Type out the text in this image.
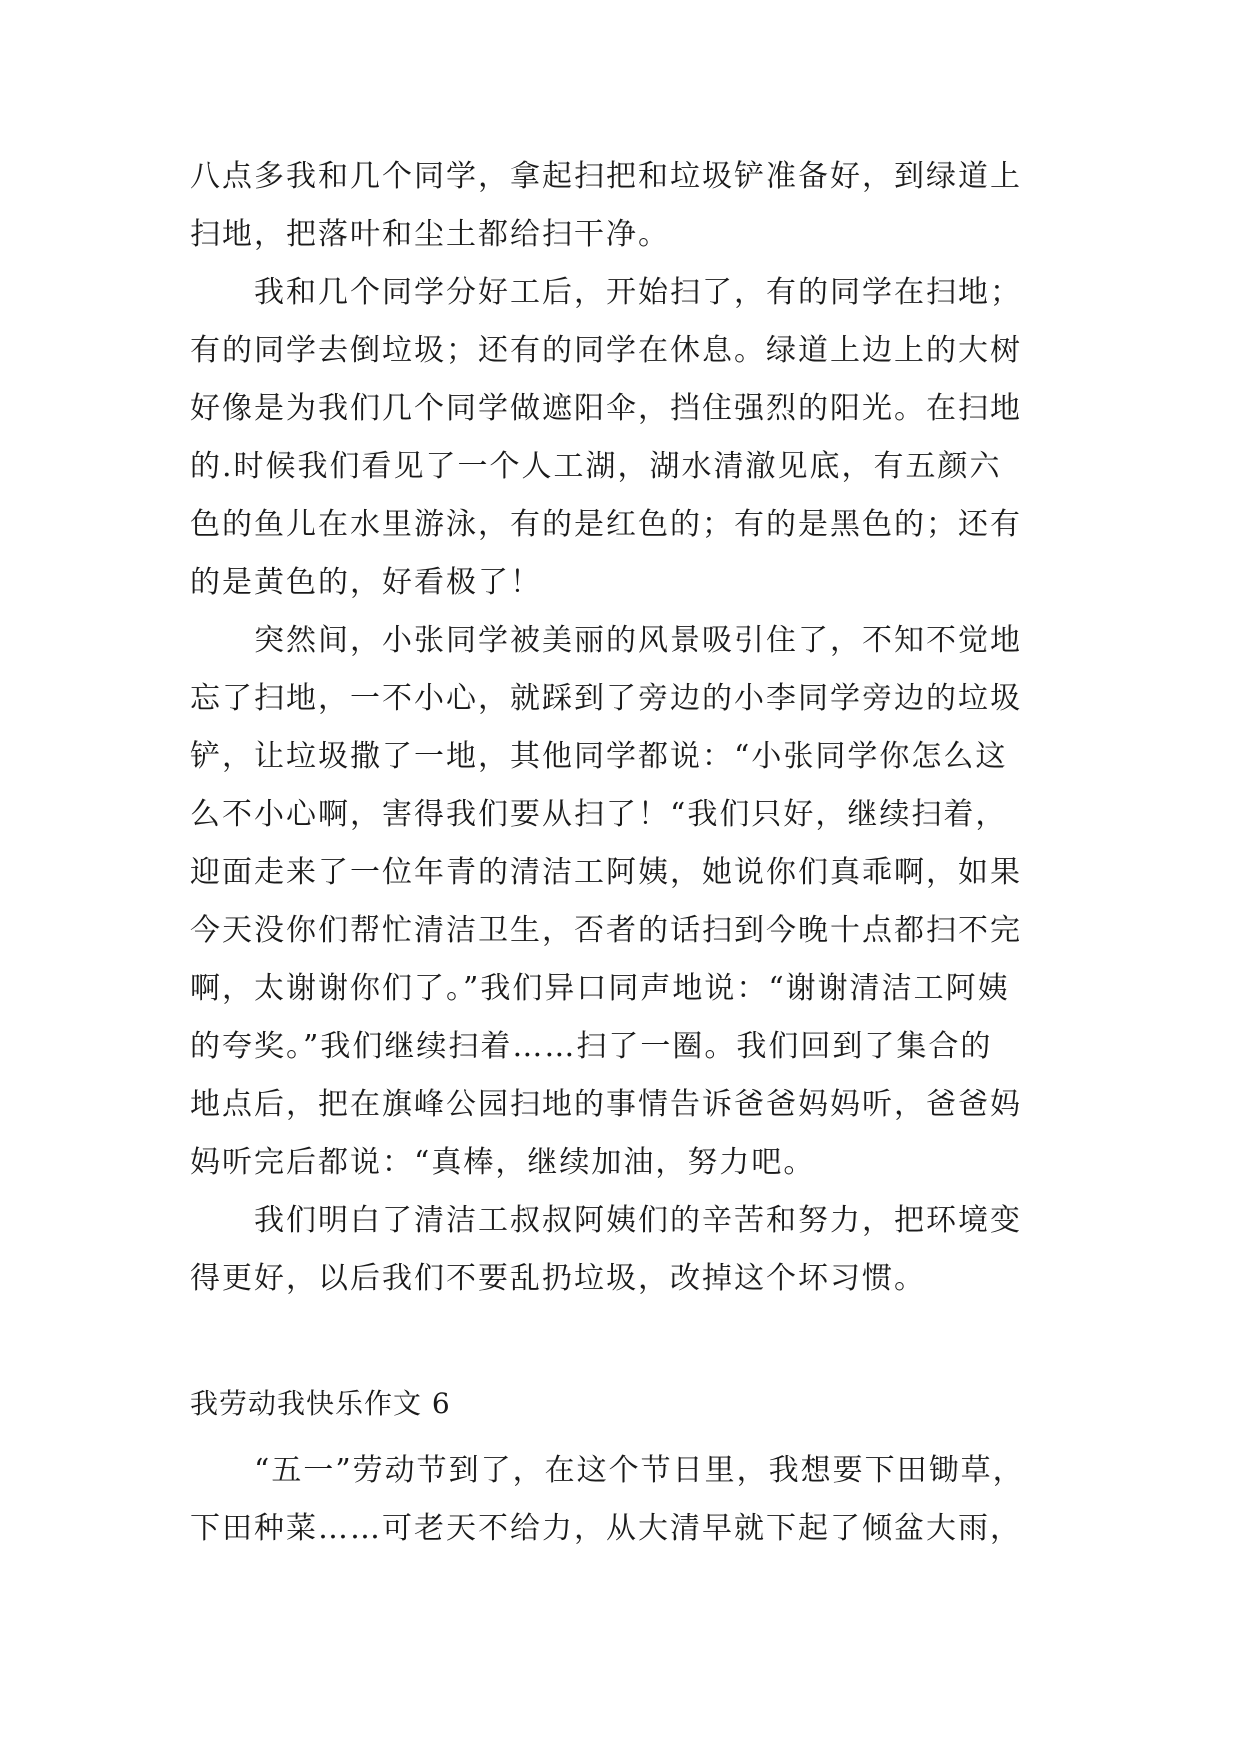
八点多我和几个同学，拿起扫把和垃圾铲准备好，到绿道上
扫地，把落叶和尘土都给扫干净。
我和几个同学分好工后，开始扫了，有的同学在扫地；
有的同学去倒垃圾；还有的同学在休息。绿道上边上的大树
好像是为我们几个同学做遮阳伞，挡住强烈的阳光。在扫地
的.时候我们看见了一个人工湖，湖水清澈见底，有五颜六
色的鱼儿在水里游泳，有的是红色的；有的是黑色的；还有
的是黄色的，好看极了！
突然间，小张同学被美丽的风景吸引住了，不知不觉地
忘了扫地，一不小心，就踩到了旁边的小李同学旁边的垃圾
铲，让垃圾撒了一地，其他同学都说：“小张同学你怎么这
么不小心啊，害得我们要从扫了！“我们只好，继续扫着，
迎面走来了一位年青的清洁工阿姨，她说你们真乖啊，如果
今天没你们帮忙清洁卫生，否者的话扫到今晚十点都扫不完
啊，太谢谢你们了。”我们异口同声地说：“谢谢清洁工阿姨
的夸奖。”我们继续扫着……扫了一圈。我们回到了集合的
地点后，把在旗峰公园扫地的事情告诉爸爸妈妈听，爸爸妈
妈听完后都说：“真棒，继续加油，努力吧。
我们明白了清洁工叔叔阿姨们的辛苦和努力，把环境变
得更好，以后我们不要乱扔垃圾，改掉这个坏习惯。
我劳动我快乐作文 6
“五一”劳动节到了，在这个节日里，我想要下田锄草，
下田种菜……可老天不给力，从大清早就下起了倾盆大雨，
